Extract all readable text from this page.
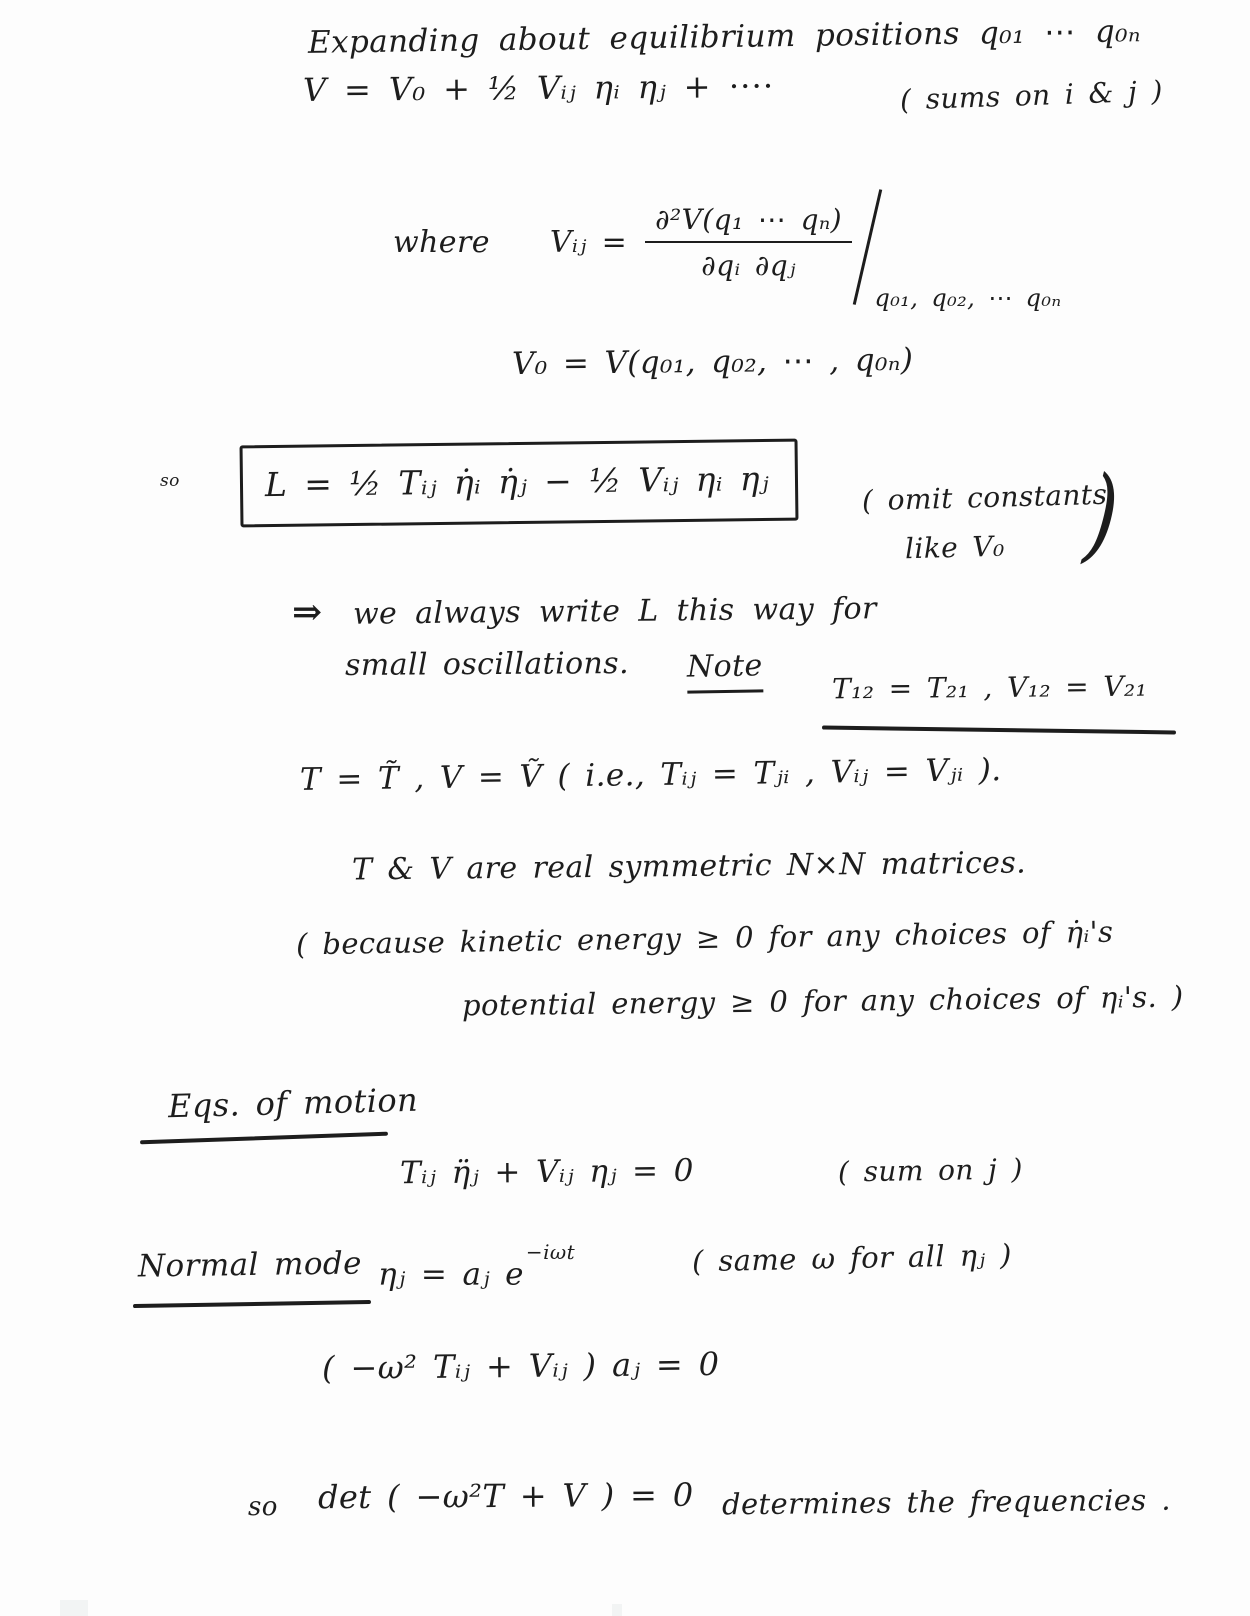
Expanding about equilibrium positions q₀₁ ⋯ q₀ₙ
V = V₀ + ½ Vᵢⱼ ηᵢ ηⱼ + ⋅⋅⋅⋅	( sums on i & j )
where Vᵢⱼ = $\frac{\text{∂²V(q₁ ⋯ qₙ)}}{\text{∂qᵢ ∂qⱼ}}$
q₀₁, q₀₂, ⋯ q₀ₙ
V₀ = V(q₀₁, q₀₂, ⋯ , q₀ₙ)
so	L = ½ Tᵢⱼ η̇ᵢ η̇ⱼ − ½ Vᵢⱼ ηᵢ ηⱼ	( omit constants
like V₀ )
⇒ we always write L this way for
small oscillations. Note
T₁₂ = T₂₁ , V₁₂ = V₂₁
T = T̃ , V = Ṽ ( i.e., Tᵢⱼ = Tⱼᵢ , Vᵢⱼ = Vⱼᵢ ).
T & V are real symmetric N×N matrices.
( because kinetic energy ≥ 0 for any choices of η̇ᵢ's
potential energy ≥ 0 for any choices of ηᵢ's. )
Eqs. of motion
Tᵢⱼ η̈ⱼ + Vᵢⱼ ηⱼ = 0	( sum on j )
Normal mode ηⱼ = aⱼ $e^{-i\omega t}$	( same ω for all ηⱼ )
( −ω² Tᵢⱼ + Vᵢⱼ ) aⱼ = 0
so det ( −ω²T + V ) = 0 determines the frequencies .
